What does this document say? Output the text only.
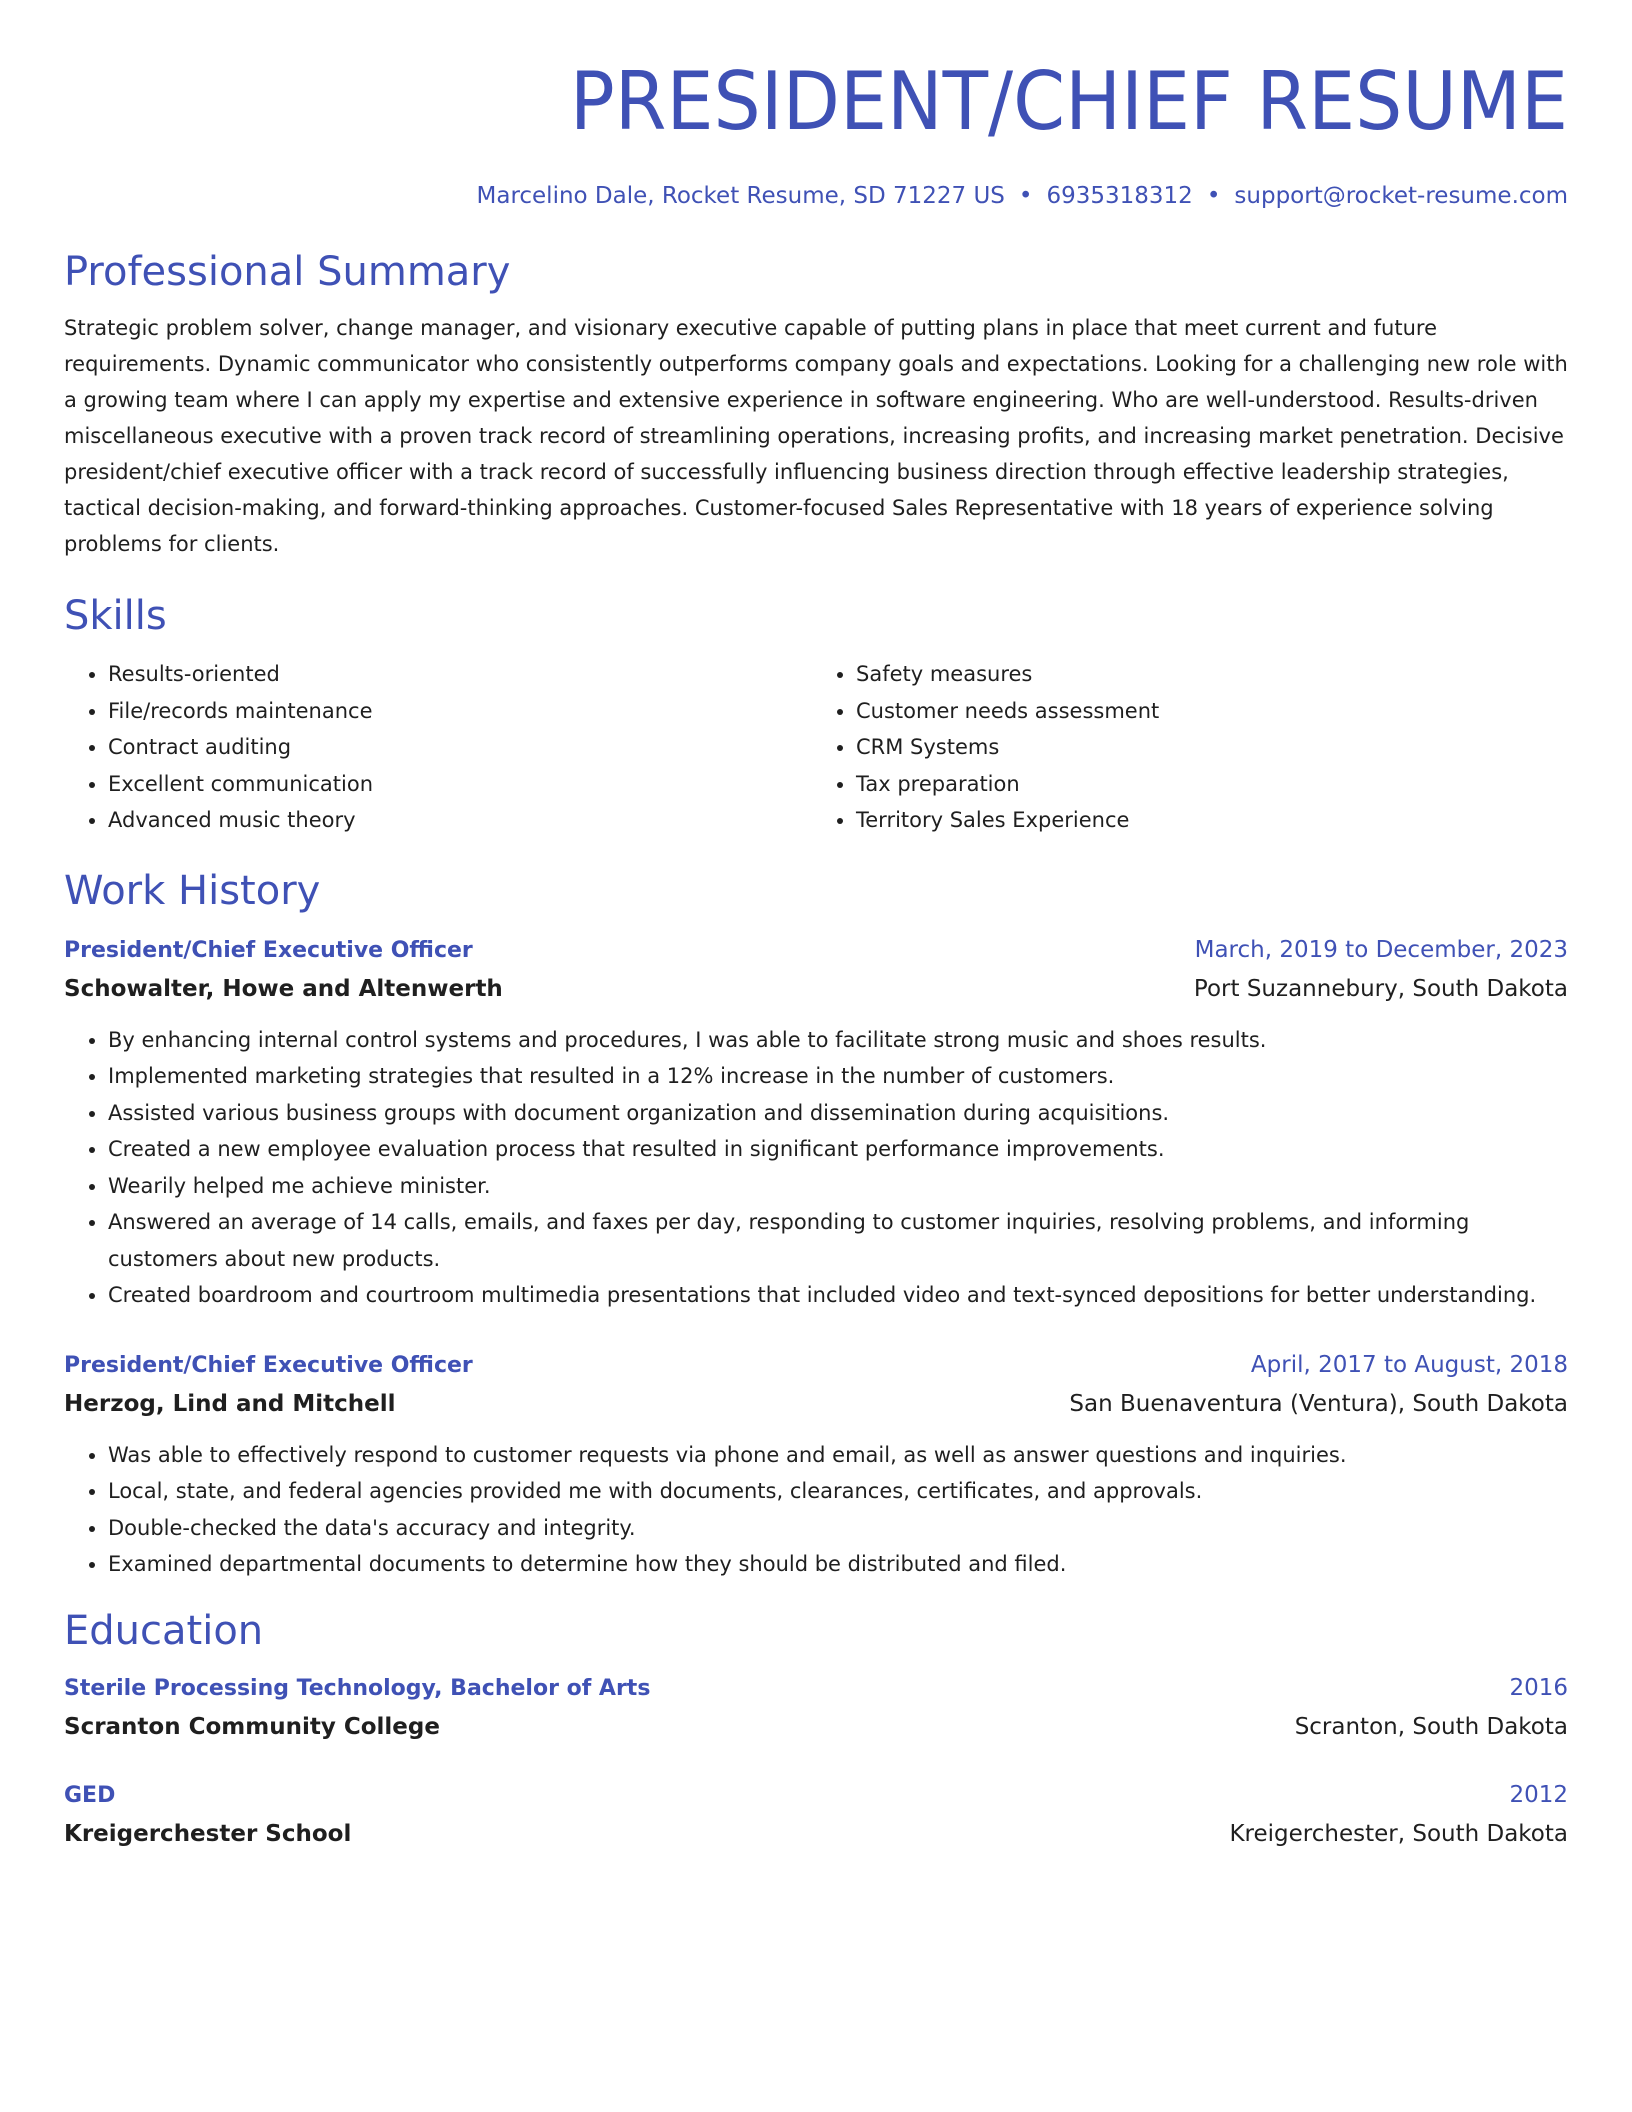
PRESIDENT/CHIEF RESUME
Marcelino Dale, Rocket Resume, SD 71227 US • 6935318312 • support@rocket-resume.com
Professional Summary
Strategic problem solver, change manager, and visionary executive capable of putting plans in place that meet current and future requirements. Dynamic communicator who consistently outperforms company goals and expectations. Looking for a challenging new role with a growing team where I can apply my expertise and extensive experience in software engineering. Who are well-understood. Results-driven miscellaneous executive with a proven track record of streamlining operations, increasing profits, and increasing market penetration. Decisive president/chief executive officer with a track record of successfully influencing business direction through effective leadership strategies, tactical decision-making, and forward-thinking approaches. Customer-focused Sales Representative with 18 years of experience solving problems for clients.
Skills
• Results-oriented
• File/records maintenance
• Contract auditing
• Excellent communication
• Advanced music theory
• Safety measures
• Customer needs assessment
• CRM Systems
• Tax preparation
• Territory Sales Experience
Work History
President/Chief Executive Officer	March, 2019 to December, 2023
Schowalter, Howe and Altenwerth	Port Suzannebury, South Dakota
• By enhancing internal control systems and procedures, I was able to facilitate strong music and shoes results.
• Implemented marketing strategies that resulted in a 12% increase in the number of customers.
• Assisted various business groups with document organization and dissemination during acquisitions.
• Created a new employee evaluation process that resulted in significant performance improvements.
• Wearily helped me achieve minister.
• Answered an average of 14 calls, emails, and faxes per day, responding to customer inquiries, resolving problems, and informing customers about new products.
• Created boardroom and courtroom multimedia presentations that included video and text-synced depositions for better understanding.
President/Chief Executive Officer	April, 2017 to August, 2018
Herzog, Lind and Mitchell	San Buenaventura (Ventura), South Dakota
• Was able to effectively respond to customer requests via phone and email, as well as answer questions and inquiries.
• Local, state, and federal agencies provided me with documents, clearances, certificates, and approvals.
• Double-checked the data's accuracy and integrity.
• Examined departmental documents to determine how they should be distributed and filed.
Education
Sterile Processing Technology, Bachelor of Arts	2016
Scranton Community College	Scranton, South Dakota
GED	2012
Kreigerchester School	Kreigerchester, South Dakota
